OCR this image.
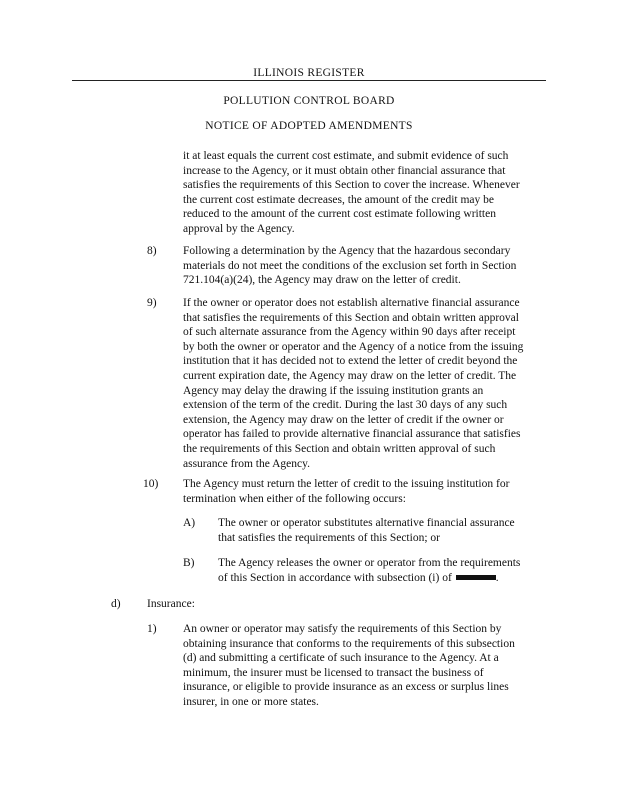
ILLINOIS REGISTER
POLLUTION CONTROL BOARD
NOTICE OF ADOPTED AMENDMENTS
it at least equals the current cost estimate, and submit evidence of such
increase to the Agency, or it must obtain other financial assurance that
satisfies the requirements of this Section to cover the increase. Whenever
the current cost estimate decreases, the amount of the credit may be
reduced to the amount of the current cost estimate following written
approval by the Agency.
8) Following a determination by the Agency that the hazardous secondary
materials do not meet the conditions of the exclusion set forth in Section
721.104(a)(24), the Agency may draw on the letter of credit.
9) If the owner or operator does not establish alternative financial assurance
that satisfies the requirements of this Section and obtain written approval
of such alternate assurance from the Agency within 90 days after receipt
by both the owner or operator and the Agency of a notice from the issuing
institution that it has decided not to extend the letter of credit beyond the
current expiration date, the Agency may draw on the letter of credit. The
Agency may delay the drawing if the issuing institution grants an
extension of the term of the credit. During the last 30 days of any such
extension, the Agency may draw on the letter of credit if the owner or
operator has failed to provide alternative financial assurance that satisfies
the requirements of this Section and obtain written approval of such
assurance from the Agency.
10) The Agency must return the letter of credit to the issuing institution for
termination when either of the following occurs:
A) The owner or operator substitutes alternative financial assurance
that satisfies the requirements of this Section; or
B) The Agency releases the owner or operator from the requirements
of this Section in accordance with subsection (i) of	.
d) Insurance:
1) An owner or operator may satisfy the requirements of this Section by
obtaining insurance that conforms to the requirements of this subsection
(d) and submitting a certificate of such insurance to the Agency. At a
minimum, the insurer must be licensed to transact the business of
insurance, or eligible to provide insurance as an excess or surplus lines
insurer, in one or more states.
